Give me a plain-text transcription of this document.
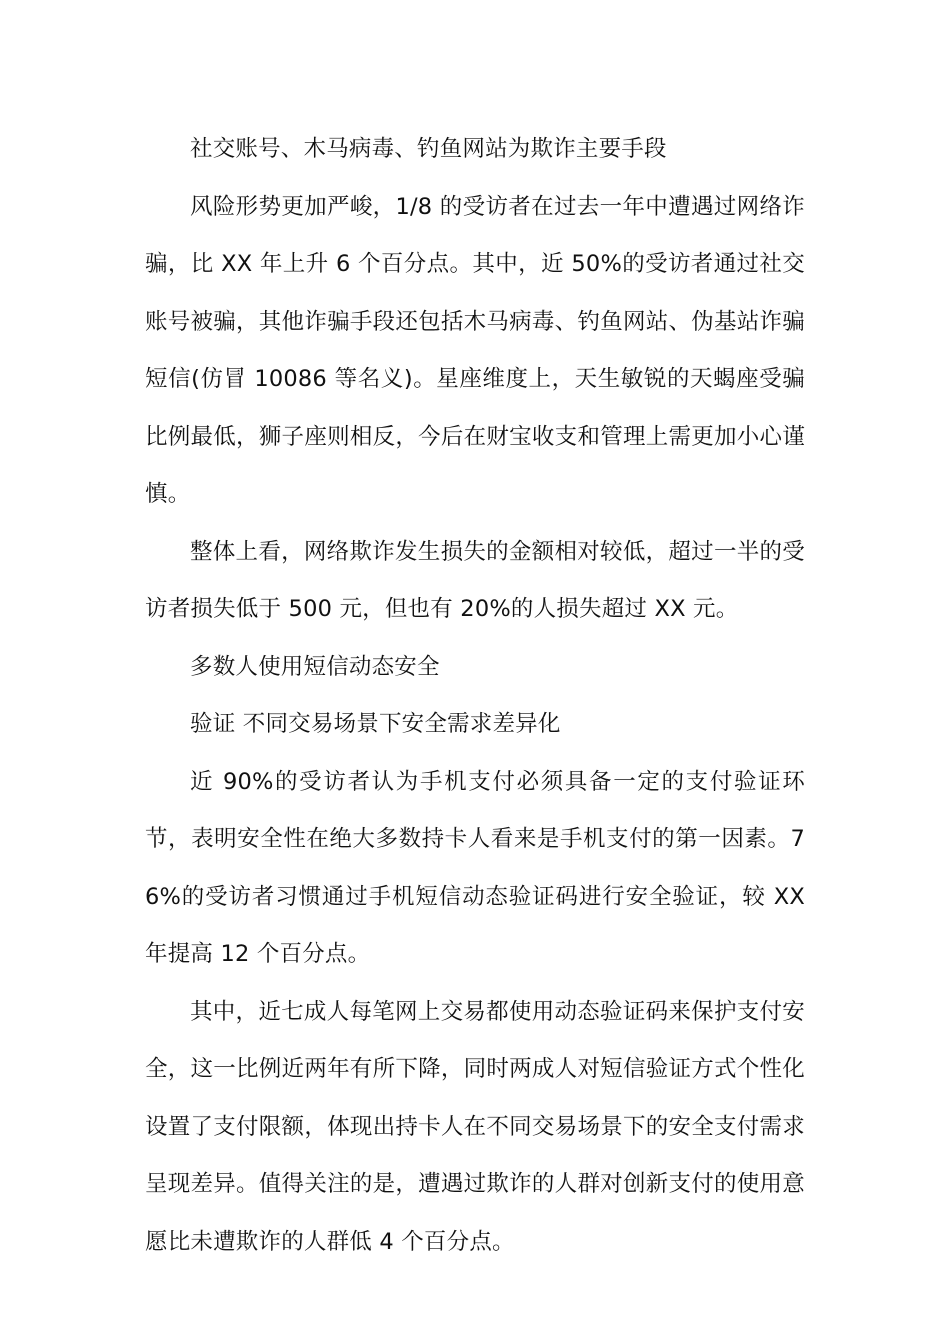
社交账号、木马病毒、钓鱼网站为欺诈主要手段

风险形势更加严峻，1/8 的受访者在过去一年中遭遇过网络诈骗，比 XX 年上升 6 个百分点。其中，近 50%的受访者通过社交账号被骗，其他诈骗手段还包括木马病毒、钓鱼网站、伪基站诈骗短信(仿冒 10086 等名义)。星座维度上，天生敏锐的天蝎座受骗比例最低，狮子座则相反，今后在财宝收支和管理上需更加小心谨慎。

整体上看，网络欺诈发生损失的金额相对较低，超过一半的受访者损失低于 500 元，但也有 20%的人损失超过 XX 元。

多数人使用短信动态安全

验证 不同交易场景下安全需求差异化

近 90%的受访者认为手机支付必须具备一定的支付验证环节，表明安全性在绝大多数持卡人看来是手机支付的第一因素。76%的受访者习惯通过手机短信动态验证码进行安全验证，较 XX 年提高 12 个百分点。

其中，近七成人每笔网上交易都使用动态验证码来保护支付安全，这一比例近两年有所下降，同时两成人对短信验证方式个性化设置了支付限额，体现出持卡人在不同交易场景下的安全支付需求呈现差异。值得关注的是，遭遇过欺诈的人群对创新支付的使用意愿比未遭欺诈的人群低 4 个百分点。
